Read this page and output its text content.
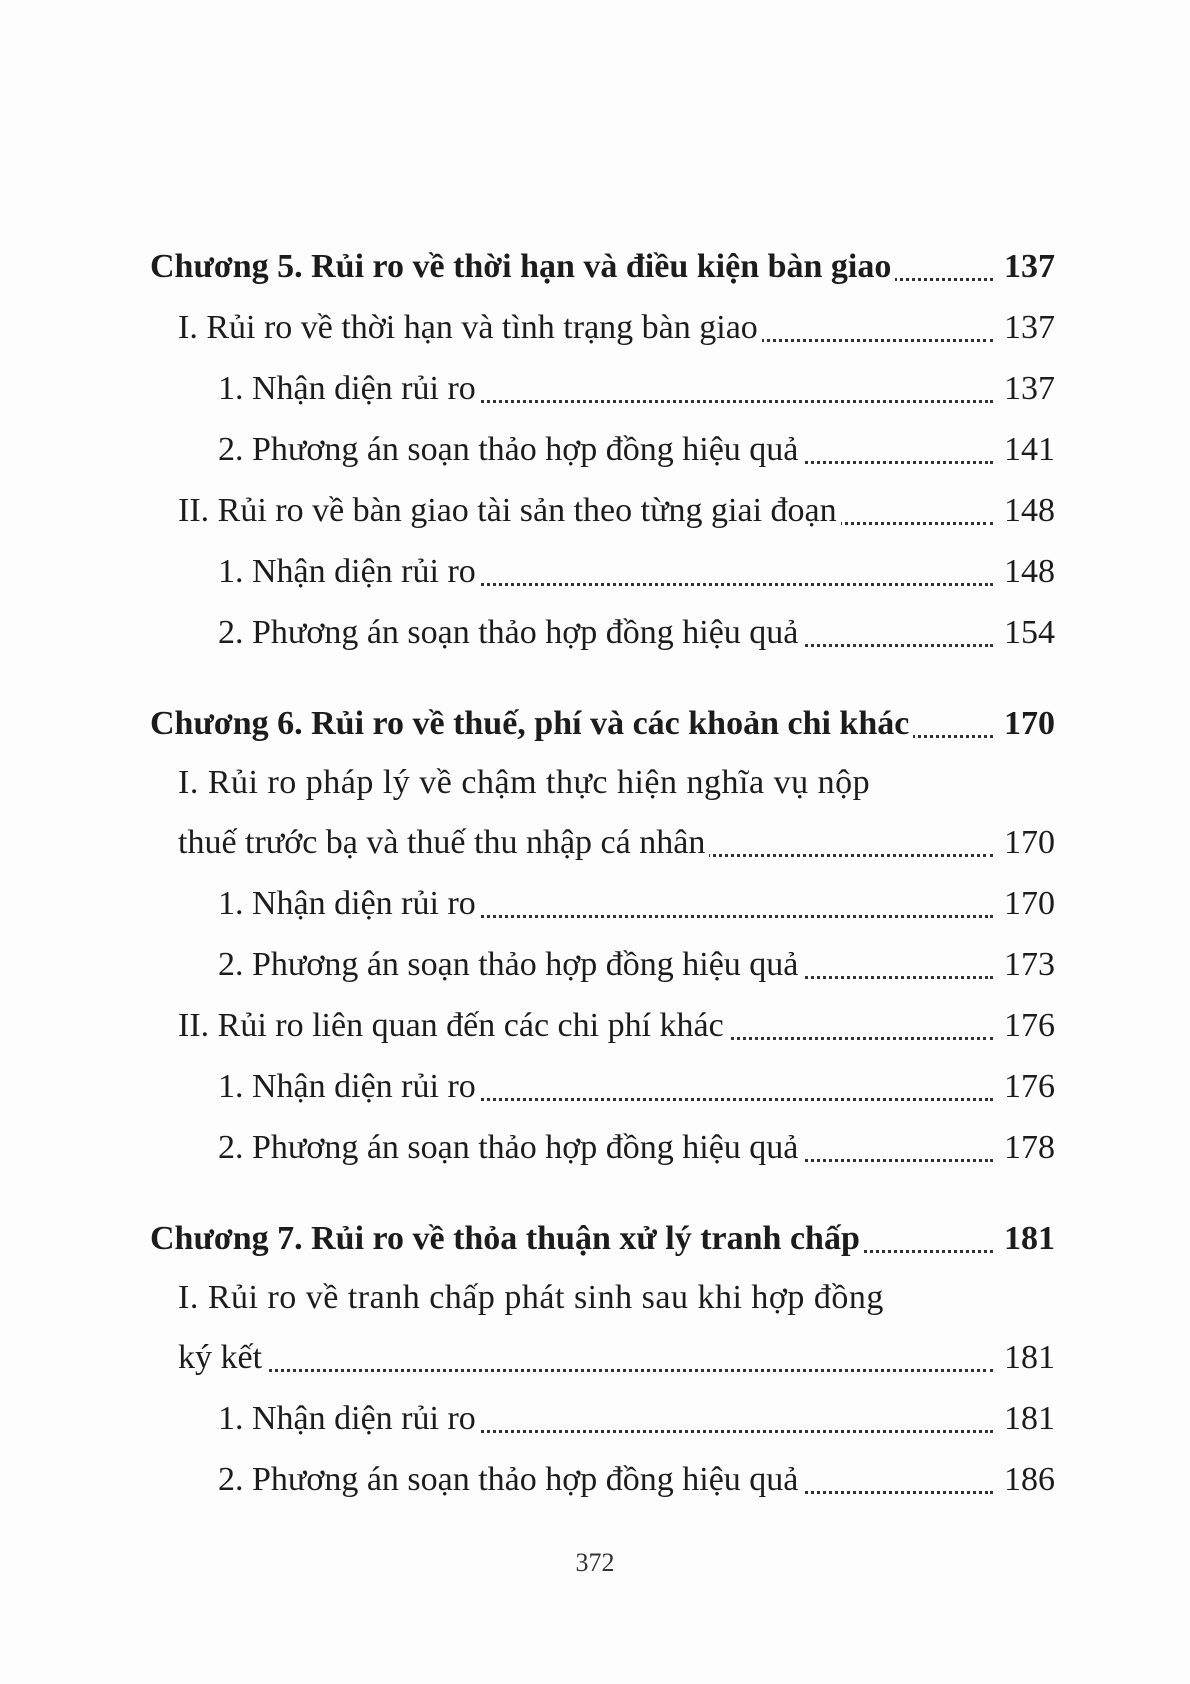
Chương 5. Rủi ro về thời hạn và điều kiện bàn giao	137
I. Rủi ro về thời hạn và tình trạng bàn giao	137
1. Nhận diện rủi ro	137
2. Phương án soạn thảo hợp đồng hiệu quả	141
II. Rủi ro về bàn giao tài sản theo từng giai đoạn	148
1. Nhận diện rủi ro	148
2. Phương án soạn thảo hợp đồng hiệu quả	154
Chương 6. Rủi ro về thuế, phí và các khoản chi khác	170
I. Rủi ro pháp lý về chậm thực hiện nghĩa vụ nộp
thuế trước bạ và thuế thu nhập cá nhân	170
1. Nhận diện rủi ro	170
2. Phương án soạn thảo hợp đồng hiệu quả	173
II. Rủi ro liên quan đến các chi phí khác	176
1. Nhận diện rủi ro	176
2. Phương án soạn thảo hợp đồng hiệu quả	178
Chương 7. Rủi ro về thỏa thuận xử lý tranh chấp	181
I. Rủi ro về tranh chấp phát sinh sau khi hợp đồng
ký kết	181
1. Nhận diện rủi ro	181
2. Phương án soạn thảo hợp đồng hiệu quả	186
372
